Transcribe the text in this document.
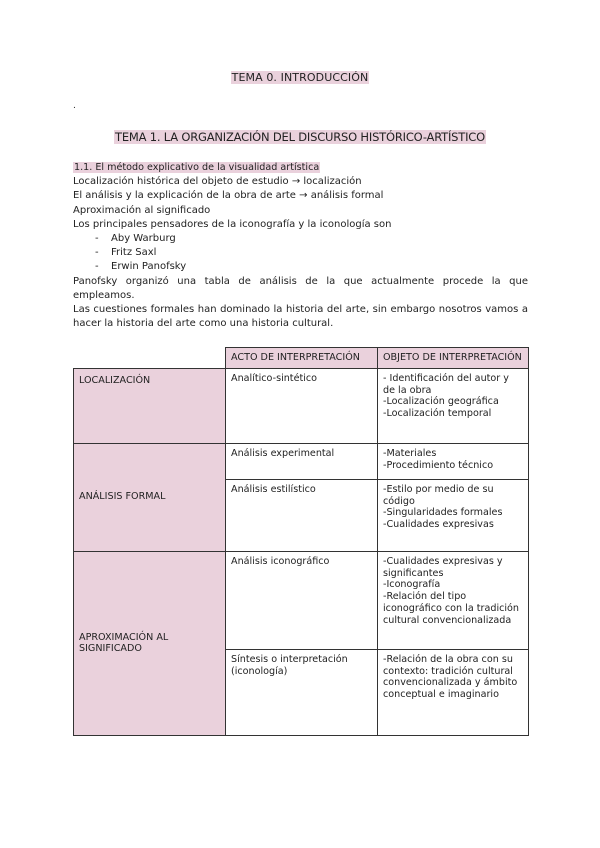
TEMA 0. INTRODUCCIÓN
.
TEMA 1. LA ORGANIZACIÓN DEL DISCURSO HISTÓRICO-ARTÍSTICO

1.1. El método explicativo de la visualidad artística

Localización histórica del objeto de estudio → localización

El análisis y la explicación de la obra de arte → análisis formal

Aproximación al significado

Los principales pensadores de la iconografía y la iconología son

- Aby Warburg
- Fritz Saxl
- Erwin Panofsky

Panofsky organizó una tabla de análisis de la que actualmente procede la que empleamos.

Las cuestiones formales han dominado la historia del arte, sin embargo nosotros vamos a hacer la historia del arte como una historia cultural.

	ACTO DE INTERPRETACIÓN	OBJETO DE INTERPRETACIÓN
LOCALIZACIÓN	Analítico-sintético	- Identificación del autor y de la obra
-Localización geográfica
-Localización temporal
ANÁLISIS FORMAL	Análisis experimental	-Materiales
-Procedimiento técnico
	Análisis estilístico	-Estilo por medio de su código
-Singularidades formales
-Cualidades expresivas
APROXIMACIÓN AL SIGNIFICADO	Análisis iconográfico	-Cualidades expresivas y significantes
-Iconografía
-Relación del tipo iconográfico con la tradición cultural convencionalizada
	Síntesis o interpretación (iconología)	-Relación de la obra con su contexto: tradición cultural convencionalizada y ámbito conceptual e imaginario
